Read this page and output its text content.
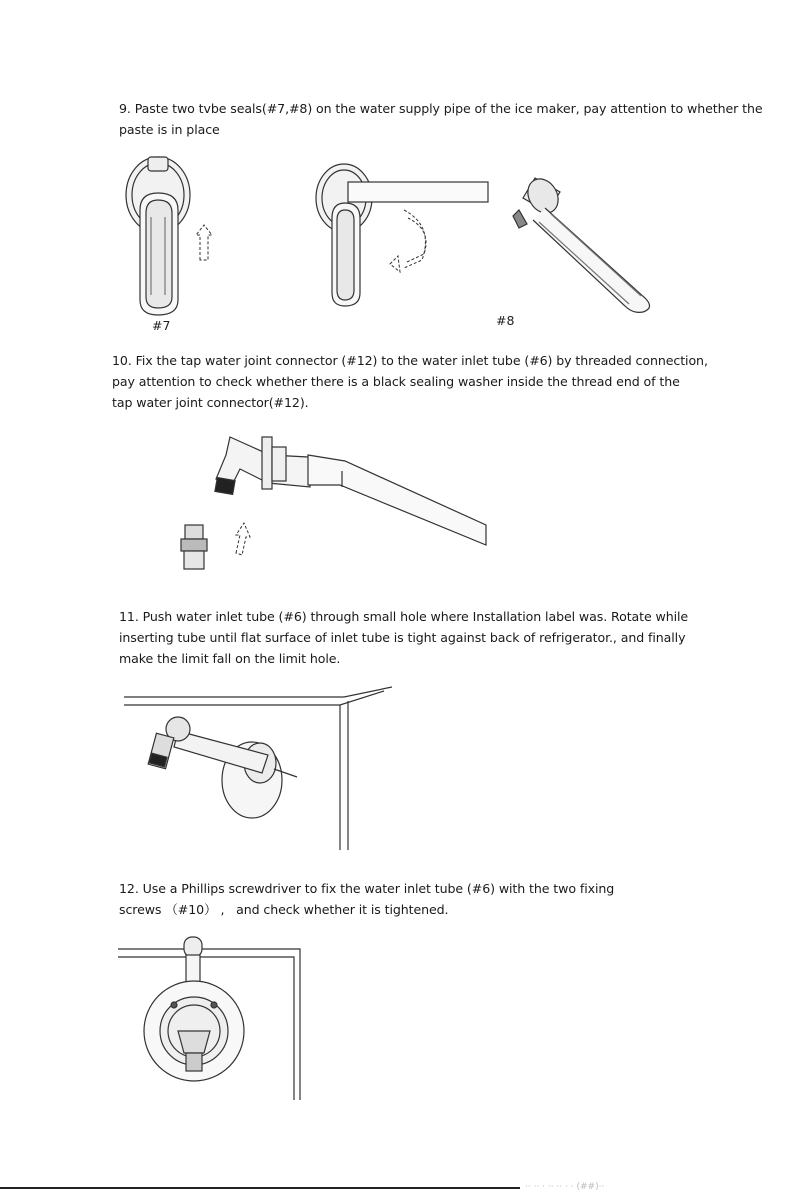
9. Paste two tvbe seals(#7,#8) on the water supply pipe of the ice maker, pay attention to whether the
paste is in place
#7	#8
10. Fix the tap water joint connector (#12) to the water inlet tube (#6) by threaded connection,
pay attention to check whether there is a black sealing washer inside the thread end of the
tap water joint connector(#12).
11. Push water inlet tube (#6) through small hole where Installation label was. Rotate while
inserting tube until flat surface of inlet tube is tight against back of refrigerator., and finally
make the limit fall on the limit hole.
12. Use a Phillips screwdriver to fix the water inlet tube (#6) with the two fixing
screws （#10） ,   and check whether it is tightened.
·· ·· · ·· ·· · · (##)··
